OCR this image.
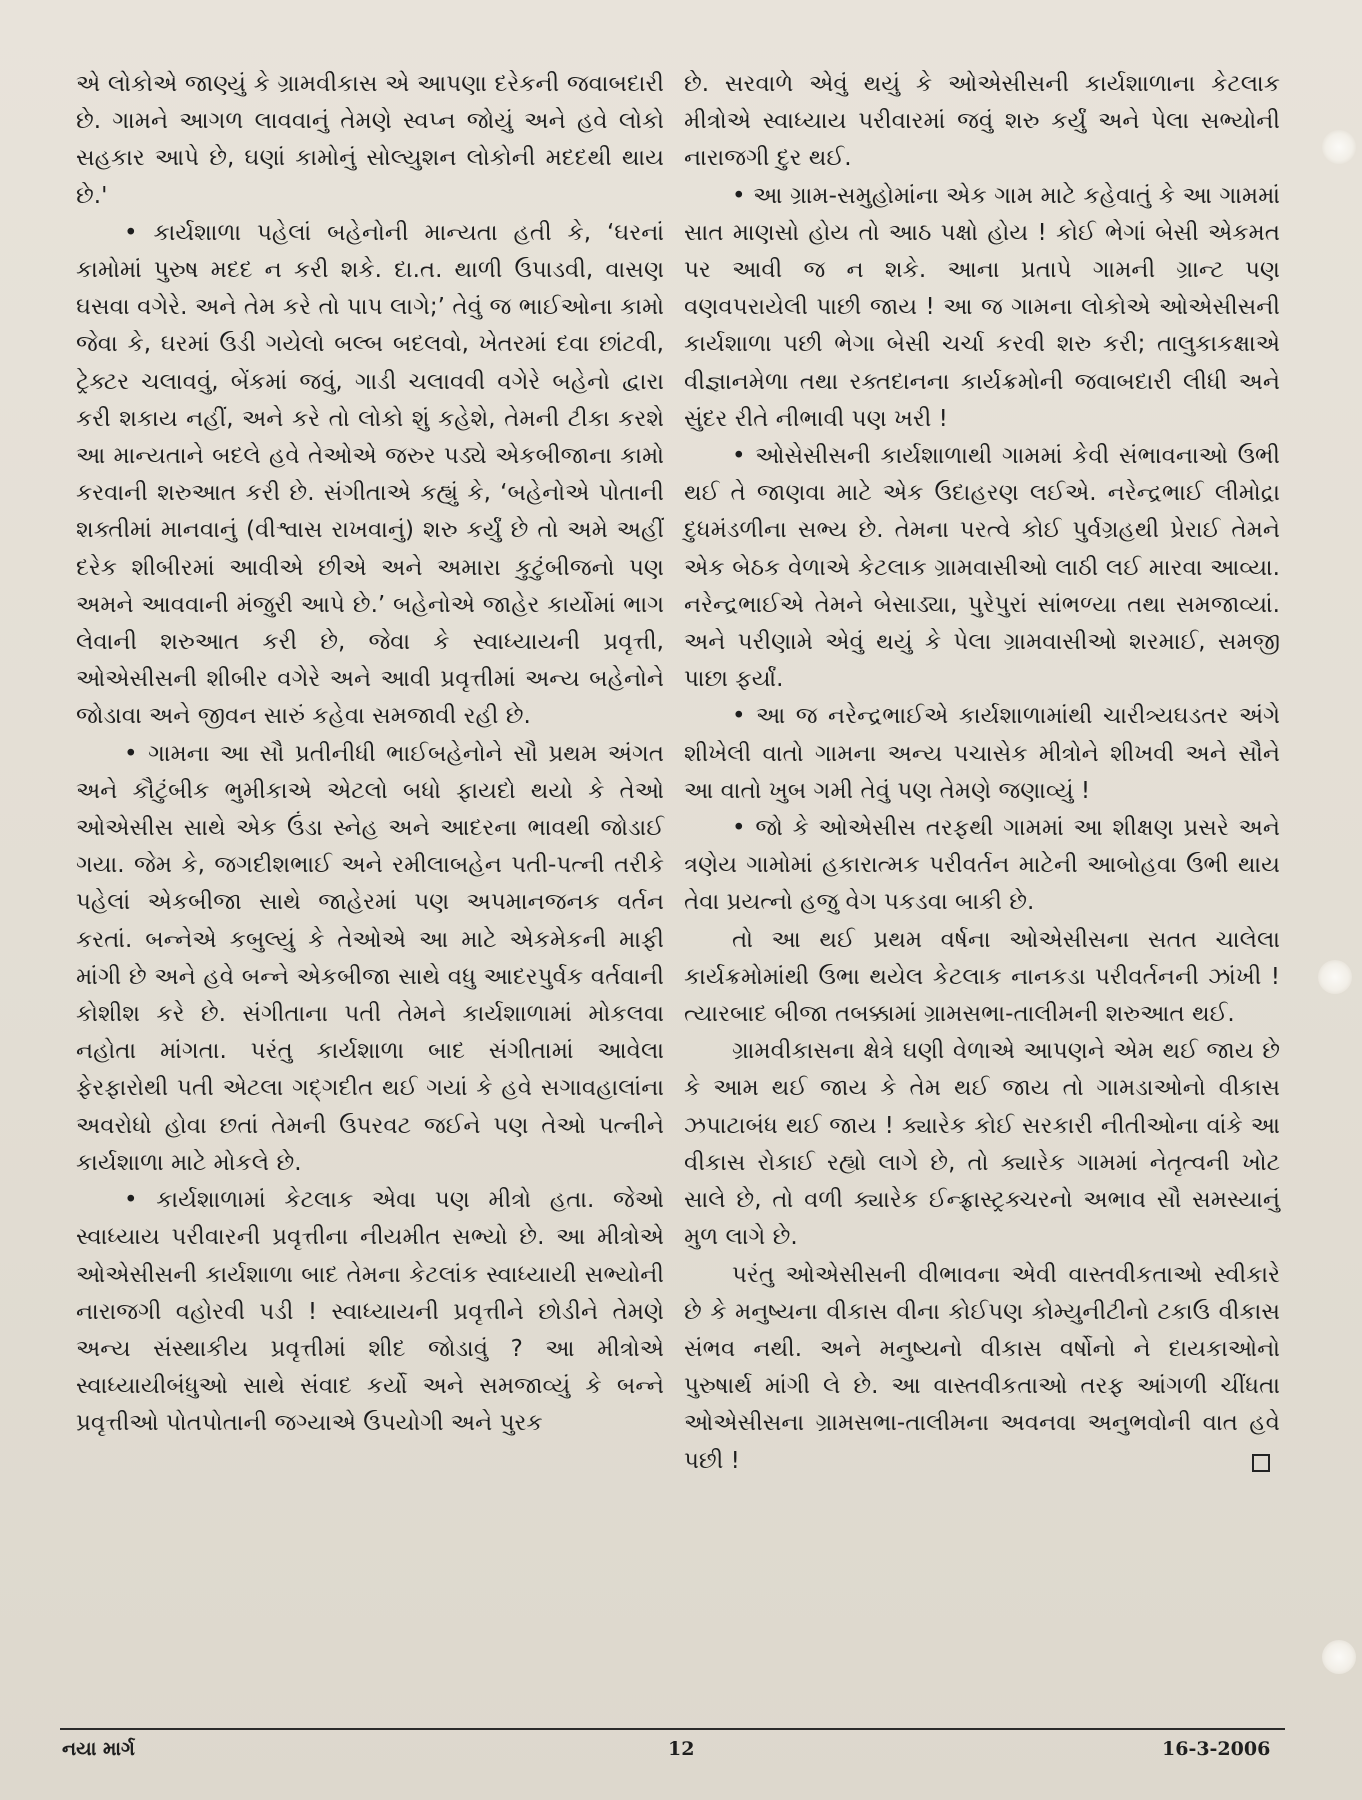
એ લોકોએ જાણ્યું કે ગ્રામવીકાસ એ આપણા દરેકની જવાબદારી છે. ગામને આગળ લાવવાનું તેમણે સ્વપ્ન જોયું અને હવે લોકો સહકાર આપે છે, ઘણાં કામોનું સોલ્યુશન લોકોની મદદથી થાય છે.'

• કાર્યશાળા પહેલાં બહેનોની માન્યતા હતી કે, ‘ઘરનાં કામોમાં પુરુષ મદદ ન કરી શકે. દા.ત. થાળી ઉપાડવી, વાસણ ઘસવા વગેરે. અને તેમ કરે તો પાપ લાગે;’ તેવું જ ભાઈઓના કામો જેવા કે, ઘરમાં ઉડી ગયેલો બલ્બ બદલવો, ખેતરમાં દવા છાંટવી, ટ્રેક્ટર ચલાવવું, બેંકમાં જવું, ગાડી ચલાવવી વગેરે બહેનો દ્વારા કરી શકાય નહીં, અને કરે તો લોકો શું કહેશે, તેમની ટીકા કરશે આ માન્યતાને બદલે હવે તેઓએ જરુર પડ્યે એકબીજાના કામો કરવાની શરુઆત કરી છે. સંગીતાએ કહ્યું કે, ‘બહેનોએ પોતાની શક્તીમાં માનવાનું (વીશ્વાસ રાખવાનું) શરુ કર્યું છે તો અમે અહીં દરેક શીબીરમાં આવીએ છીએ અને અમારા કુટુંબીજનો પણ અમને આવવાની મંજુરી આપે છે.’ બહેનોએ જાહેર કાર્યોમાં ભાગ લેવાની શરુઆત કરી છે, જેવા કે સ્વાધ્યાયની પ્રવૃત્તી, ઓએસીસની શીબીર વગેરે અને આવી પ્રવૃત્તીમાં અન્ય બહેનોને જોડાવા અને જીવન સારું કહેવા સમજાવી રહી છે.

• ગામના આ સૌ પ્રતીનીધી ભાઈબહેનોને સૌ પ્રથમ અંગત અને કૌટુંબીક ભુમીકાએ એટલો બધો ફાયદો થયો કે તેઓ ઓએસીસ સાથે એક ઉંડા સ્નેહ અને આદરના ભાવથી જોડાઈ ગયા. જેમ કે, જગદીશભાઈ અને રમીલાબહેન પતી-પત્ની તરીકે પહેલાં એકબીજા સાથે જાહેરમાં પણ અપમાનજનક વર્તન કરતાં. બન્નેએ કબુલ્યું કે તેઓએ આ માટે એકમેકની માફી માંગી છે અને હવે બન્ને એકબીજા સાથે વધુ આદરપુર્વક વર્તવાની કોશીશ કરે છે. સંગીતાના પતી તેમને કાર્યશાળામાં મોકલવા નહોતા માંગતા. પરંતુ કાર્યશાળા બાદ સંગીતામાં આવેલા ફેરફારોથી પતી એટલા ગદ્ગદીત થઈ ગયાં કે હવે સગાવહાલાંના અવરોધો હોવા છતાં તેમની ઉપરવટ જઈને પણ તેઓ પત્નીને કાર્યશાળા માટે મોકલે છે.

• કાર્યશાળામાં કેટલાક એવા પણ મીત્રો હતા. જેઓ સ્વાધ્યાય પરીવારની પ્રવૃત્તીના નીયમીત સભ્યો છે. આ મીત્રોએ ઓએસીસની કાર્યશાળા બાદ તેમના કેટલાંક સ્વાધ્યાયી સભ્યોની નારાજગી વહોરવી પડી ! સ્વાધ્યાયની પ્રવૃત્તીને છોડીને તેમણે અન્ય સંસ્થાકીય પ્રવૃત્તીમાં શીદ જોડાવું ? આ મીત્રોએ સ્વાધ્યાયીબંધુઓ સાથે સંવાદ કર્યો અને સમજાવ્યું કે બન્ને પ્રવૃત્તીઓ પોતપોતાની જગ્યાએ ઉપયોગી અને પુરક

છે. સરવાળે એવું થયું કે ઓએસીસની કાર્યશાળાના કેટલાક મીત્રોએ સ્વાધ્યાય પરીવારમાં જવું શરુ કર્યું અને પેલા સભ્યોની નારાજગી દુર થઈ.

• આ ગ્રામ-સમુહોમાંના એક ગામ માટે કહેવાતું કે આ ગામમાં સાત માણસો હોય તો આઠ પક્ષો હોય ! કોઈ ભેગાં બેસી એકમત પર આવી જ ન શકે. આના પ્રતાપે ગામની ગ્રાન્ટ પણ વણવપરાયેલી પાછી જાય ! આ જ ગામના લોકોએ ઓએસીસની કાર્યશાળા પછી ભેગા બેસી ચર્ચા કરવી શરુ કરી; તાલુકાકક્ષાએ વીજ્ઞાનમેળા તથા રક્તદાનના કાર્યક્રમોની જવાબદારી લીધી અને સુંદર રીતે નીભાવી પણ ખરી !

• ઓસેસીસની કાર્યશાળાથી ગામમાં કેવી સંભાવનાઓ ઉભી થઈ તે જાણવા માટે એક ઉદાહરણ લઈએ. નરેન્દ્રભાઈ લીમોદ્રા દુધમંડળીના સભ્ય છે. તેમના પરત્વે કોઈ પુર્વગ્રહથી પ્રેરાઈ તેમને એક બેઠક વેળાએ કેટલાક ગ્રામવાસીઓ લાઠી લઈ મારવા આવ્યા. નરેન્દ્રભાઈએ તેમને બેસાડ્યા, પુરેપુરાં સાંભળ્યા તથા સમજાવ્યાં. અને પરીણામે એવું થયું કે પેલા ગ્રામવાસીઓ શરમાઈ, સમજી પાછા ફર્યાં.

• આ જ નરેન્દ્રભાઈએ કાર્યશાળામાંથી ચારીત્ર્યઘડતર અંગે શીખેલી વાતો ગામના અન્ય પચાસેક મીત્રોને શીખવી અને સૌને આ વાતો ખુબ ગમી તેવું પણ તેમણે જણાવ્યું !

• જો કે ઓએસીસ તરફથી ગામમાં આ શીક્ષણ પ્રસરે અને ત્રણેય ગામોમાં હકારાત્મક પરીવર્તન માટેની આબોહવા ઉભી થાય તેવા પ્રયત્નો હજુ વેગ પકડવા બાકી છે.

તો આ થઈ પ્રથમ વર્ષના ઓએસીસના સતત ચાલેલા કાર્યક્રમોમાંથી ઉભા થયેલ કેટલાક નાનકડા પરીવર્તનની ઝાંખી ! ત્યારબાદ બીજા તબક્કામાં ગ્રામસભા-તાલીમની શરુઆત થઈ.

ગ્રામવીકાસના ક્ષેત્રે ઘણી વેળાએ આપણને એમ થઈ જાય છે કે આમ થઈ જાય કે તેમ થઈ જાય તો ગામડાઓનો વીકાસ ઝપાટાબંધ થઈ જાય ! ક્યારેક કોઈ સરકારી નીતીઓના વાંકે આ વીકાસ રોકાઈ રહ્યો લાગે છે, તો ક્યારેક ગામમાં નેતૃત્વની ખોટ સાલે છે, તો વળી ક્યારેક ઈન્ફ્રાસ્ટ્રક્ચરનો અભાવ સૌ સમસ્યાનું મુળ લાગે છે.

પરંતુ ઓએસીસની વીભાવના એવી વાસ્તવીકતાઓ સ્વીકારે છે કે મનુષ્યના વીકાસ વીના કોઈપણ કોમ્યુનીટીનો ટકાઉ વીકાસ સંભવ નથી. અને મનુષ્યનો વીકાસ વર્ષોનો ને દાયકાઓનો પુરુષાર્થ માંગી લે છે. આ વાસ્તવીકતાઓ તરફ આંગળી ચીંધતા ઓએસીસના ગ્રામસભા-તાલીમના અવનવા અનુભવોની વાત હવે પછી !

નયા માર્ગ	12	16-3-2006
